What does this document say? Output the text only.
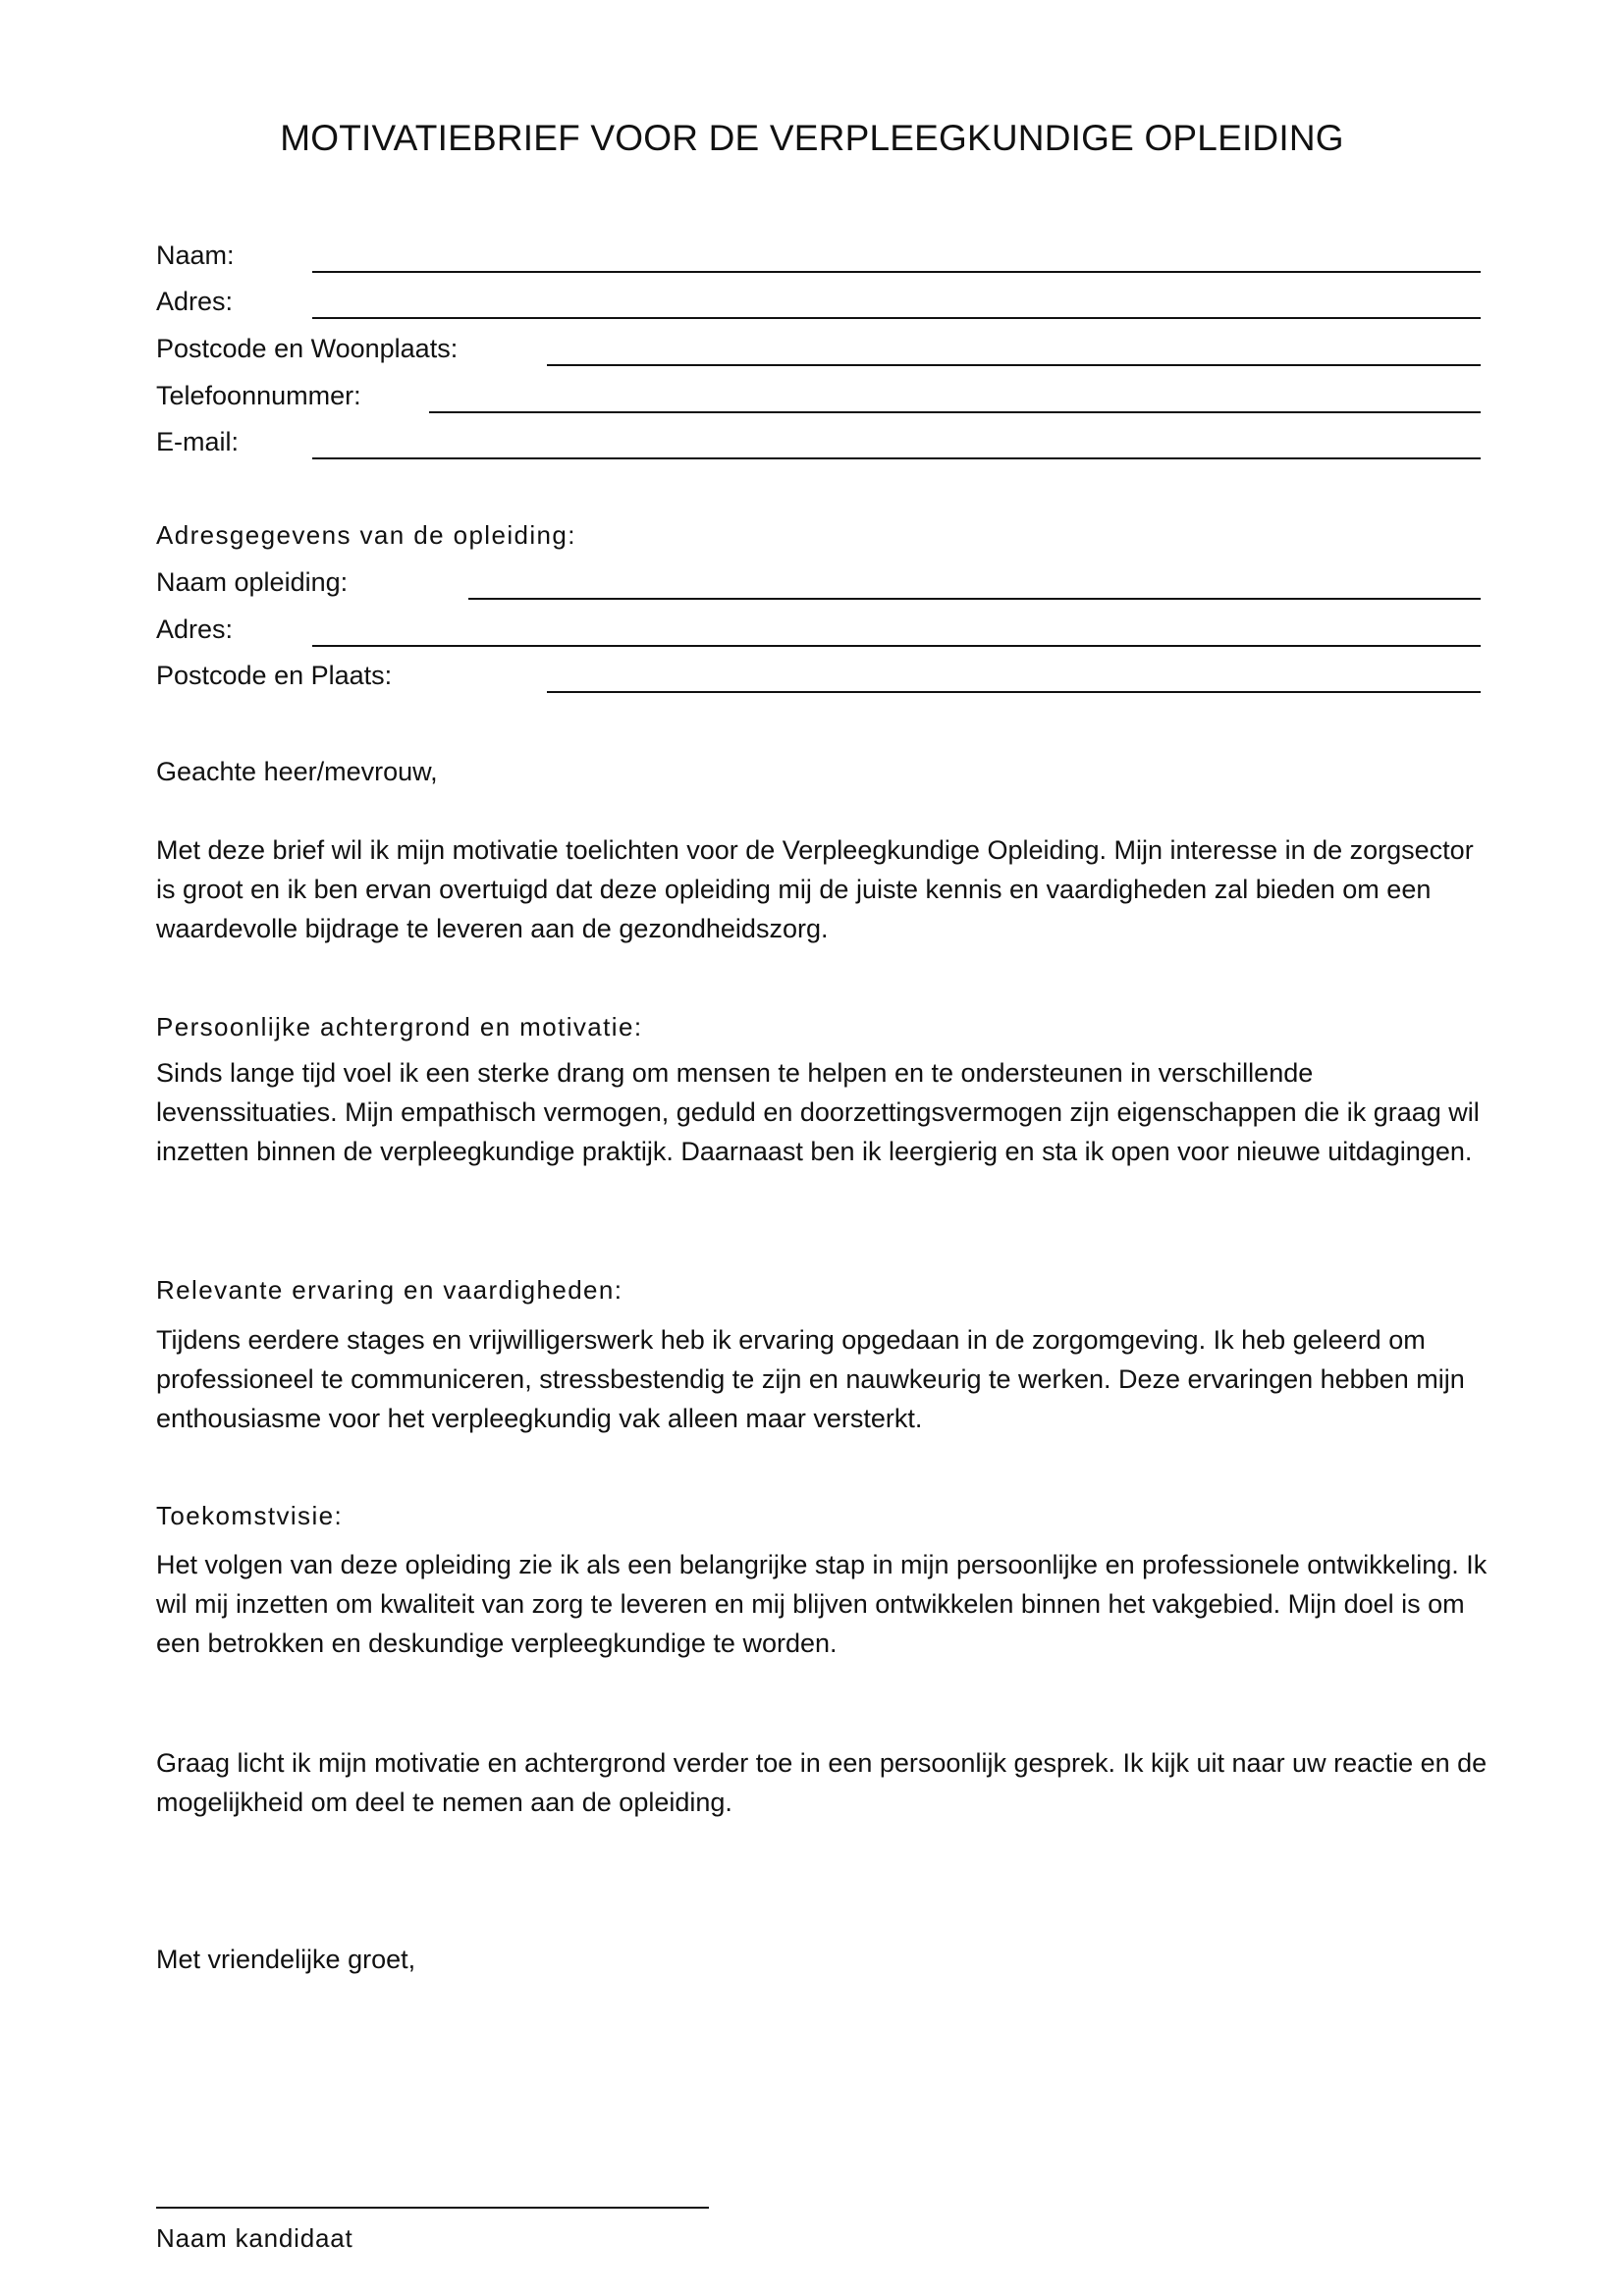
MOTIVATIEBRIEF VOOR DE VERPLEEGKUNDIGE OPLEIDING
Naam:
Adres:
Postcode en Woonplaats:
Telefoonnummer:
E-mail:
Adresgegevens van de opleiding:
Naam opleiding:
Adres:
Postcode en Plaats:
Geachte heer/mevrouw,
Met deze brief wil ik mijn motivatie toelichten voor de Verpleegkundige Opleiding. Mijn interesse in de zorgsector is groot en ik ben ervan overtuigd dat deze opleiding mij de juiste kennis en vaardigheden zal bieden om een waardevolle bijdrage te leveren aan de gezondheidszorg.
Persoonlijke achtergrond en motivatie:
Sinds lange tijd voel ik een sterke drang om mensen te helpen en te ondersteunen in verschillende levenssituaties. Mijn empathisch vermogen, geduld en doorzettingsvermogen zijn eigenschappen die ik graag wil inzetten binnen de verpleegkundige praktijk. Daarnaast ben ik leergierig en sta ik open voor nieuwe uitdagingen.
Relevante ervaring en vaardigheden:
Tijdens eerdere stages en vrijwilligerswerk heb ik ervaring opgedaan in de zorgomgeving. Ik heb geleerd om professioneel te communiceren, stressbestendig te zijn en nauwkeurig te werken. Deze ervaringen hebben mijn enthousiasme voor het verpleegkundig vak alleen maar versterkt.
Toekomstvisie:
Het volgen van deze opleiding zie ik als een belangrijke stap in mijn persoonlijke en professionele ontwikkeling. Ik wil mij inzetten om kwaliteit van zorg te leveren en mij blijven ontwikkelen binnen het vakgebied. Mijn doel is om een betrokken en deskundige verpleegkundige te worden.
Graag licht ik mijn motivatie en achtergrond verder toe in een persoonlijk gesprek. Ik kijk uit naar uw reactie en de mogelijkheid om deel te nemen aan de opleiding.
Met vriendelijke groet,
Naam kandidaat
